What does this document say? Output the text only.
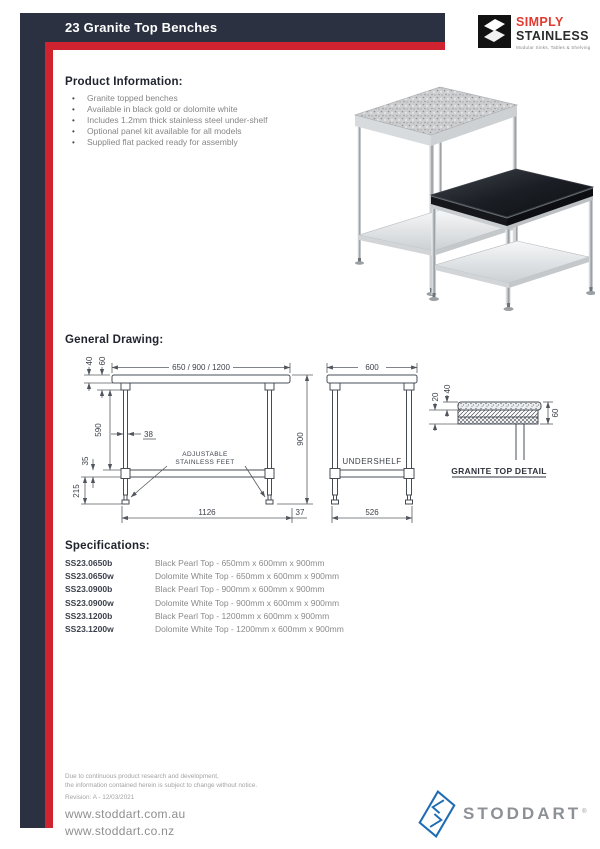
23 Granite Top Benches	SIMPLY
STAINLESS
Modular Sinks, Tables & Shelving
Product Information:
•	Granite topped benches
•	Available in black gold or dolomite white
•	Includes 1.2mm thick stainless steel under-shelf
•	Optional panel kit available for all models
•	Supplied flat packed ready for assembly
General Drawing:
650 / 900 / 1200
40 60
590	38
35
215
900
1126	37
ADJUSTABLE
STAINLESS FEET
600
UNDERSHELF
526
40
20
60
GRANITE TOP DETAIL
Specifications:
SS23.0650b	Black Pearl Top - 650mm x 600mm x 900mm
SS23.0650w	Dolomite White Top - 650mm x 600mm x 900mm
SS23.0900b	Black Pearl Top - 900mm x 600mm x 900mm
SS23.0900w	Dolomite White Top - 900mm x 600mm x 900mm
SS23.1200b	Black Pearl Top - 1200mm x 600mm x 900mm
SS23.1200w	Dolomite White Top - 1200mm x 600mm x 900mm
Due to continuous product research and development,
the information contained herein is subject to change without notice.
Revision: A - 12/03/2021
www.stoddart.com.au
www.stoddart.co.nz
STODDART®
